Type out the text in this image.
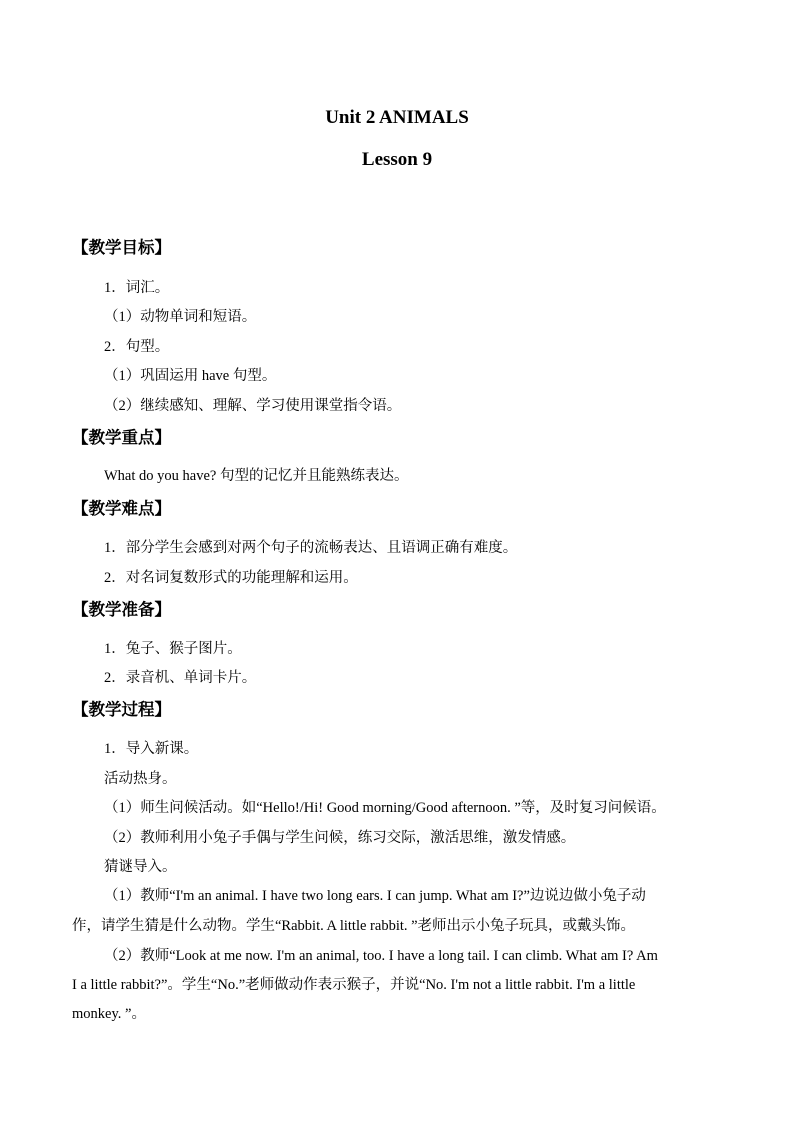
Unit 2 ANIMALS
Lesson 9
【教学目标】
1．词汇。
（1）动物单词和短语。
2．句型。
（1）巩固运用 have 句型。
（2）继续感知、理解、学习使用课堂指令语。
【教学重点】
What do you have? 句型的记忆并且能熟练表达。
【教学难点】
1．部分学生会感到对两个句子的流畅表达、且语调正确有难度。
2．对名词复数形式的功能理解和运用。
【教学准备】
1．兔子、猴子图片。
2．录音机、单词卡片。
【教学过程】
1．导入新课。
活动热身。
（1）师生问候活动。如“Hello!/Hi! Good morning/Good afternoon. ”等，及时复习问候语。
（2）教师利用小兔子手偶与学生问候，练习交际，激活思维，激发情感。
猜谜导入。
（1）教师“I'm an animal. I have two long ears. I can jump. What am I?”边说边做小兔子动
作，请学生猜是什么动物。学生“Rabbit. A little rabbit. ”老师出示小兔子玩具，或戴头饰。
（2）教师“Look at me now. I'm an animal, too. I have a long tail. I can climb. What am I? Am
I a little rabbit?”。学生“No.”老师做动作表示猴子，并说“No. I'm not a little rabbit. I'm a little
monkey. ”。
